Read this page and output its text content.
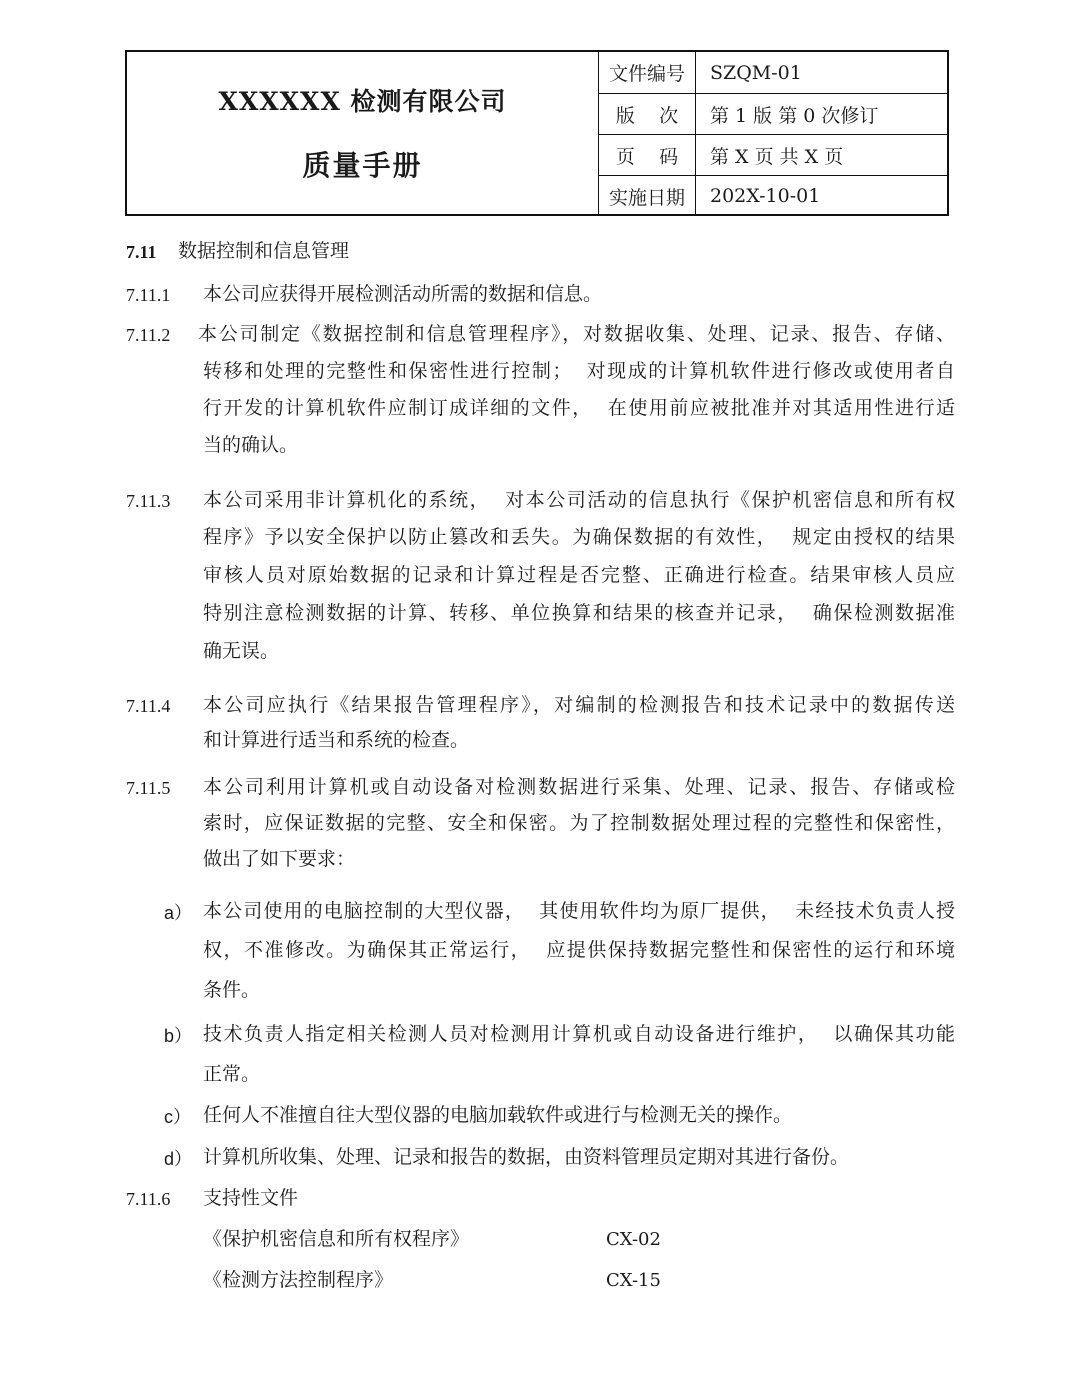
XXXXXX 检测有限公司
质量手册
文件编号	SZQM-01
版    次	第 1 版 第 0 次修订
页    码	第 X 页 共 X 页
实施日期	202X-10-01
7.11 数据控制和信息管理
7.11.1 本公司应获得开展检测活动所需的数据和信息。
7.11.2 本公司制定《数据控制和信息管理程序》，对数据收集、处理、记录、报告、存储、
转移和处理的完整性和保密性进行控制；  对现成的计算机软件进行修改或使用者自
行开发的计算机软件应制订成详细的文件，  在使用前应被批准并对其适用性进行适
当的确认。
7.11.3 本公司采用非计算机化的系统，  对本公司活动的信息执行《保护机密信息和所有权
程序》予以安全保护以防止篡改和丢失。为确保数据的有效性，  规定由授权的结果
审核人员对原始数据的记录和计算过程是否完整、正确进行检查。结果审核人员应
特别注意检测数据的计算、转移、单位换算和结果的核查并记录，  确保检测数据准
确无误。
7.11.4 本公司应执行《结果报告管理程序》，对编制的检测报告和技术记录中的数据传送
和计算进行适当和系统的检查。
7.11.5 本公司利用计算机或自动设备对检测数据进行采集、处理、记录、报告、存储或检
索时，应保证数据的完整、安全和保密。为了控制数据处理过程的完整性和保密性，
做出了如下要求：
a） 本公司使用的电脑控制的大型仪器，  其使用软件均为原厂提供，  未经技术负责人授
权，不准修改。为确保其正常运行，  应提供保持数据完整性和保密性的运行和环境
条件。
b） 技术负责人指定相关检测人员对检测用计算机或自动设备进行维护，  以确保其功能
正常。
c） 任何人不准擅自往大型仪器的电脑加载软件或进行与检测无关的操作。
d） 计算机所收集、处理、记录和报告的数据，由资料管理员定期对其进行备份。
7.11.6 支持性文件
《保护机密信息和所有权程序》	CX-02
《检测方法控制程序》	CX-15
